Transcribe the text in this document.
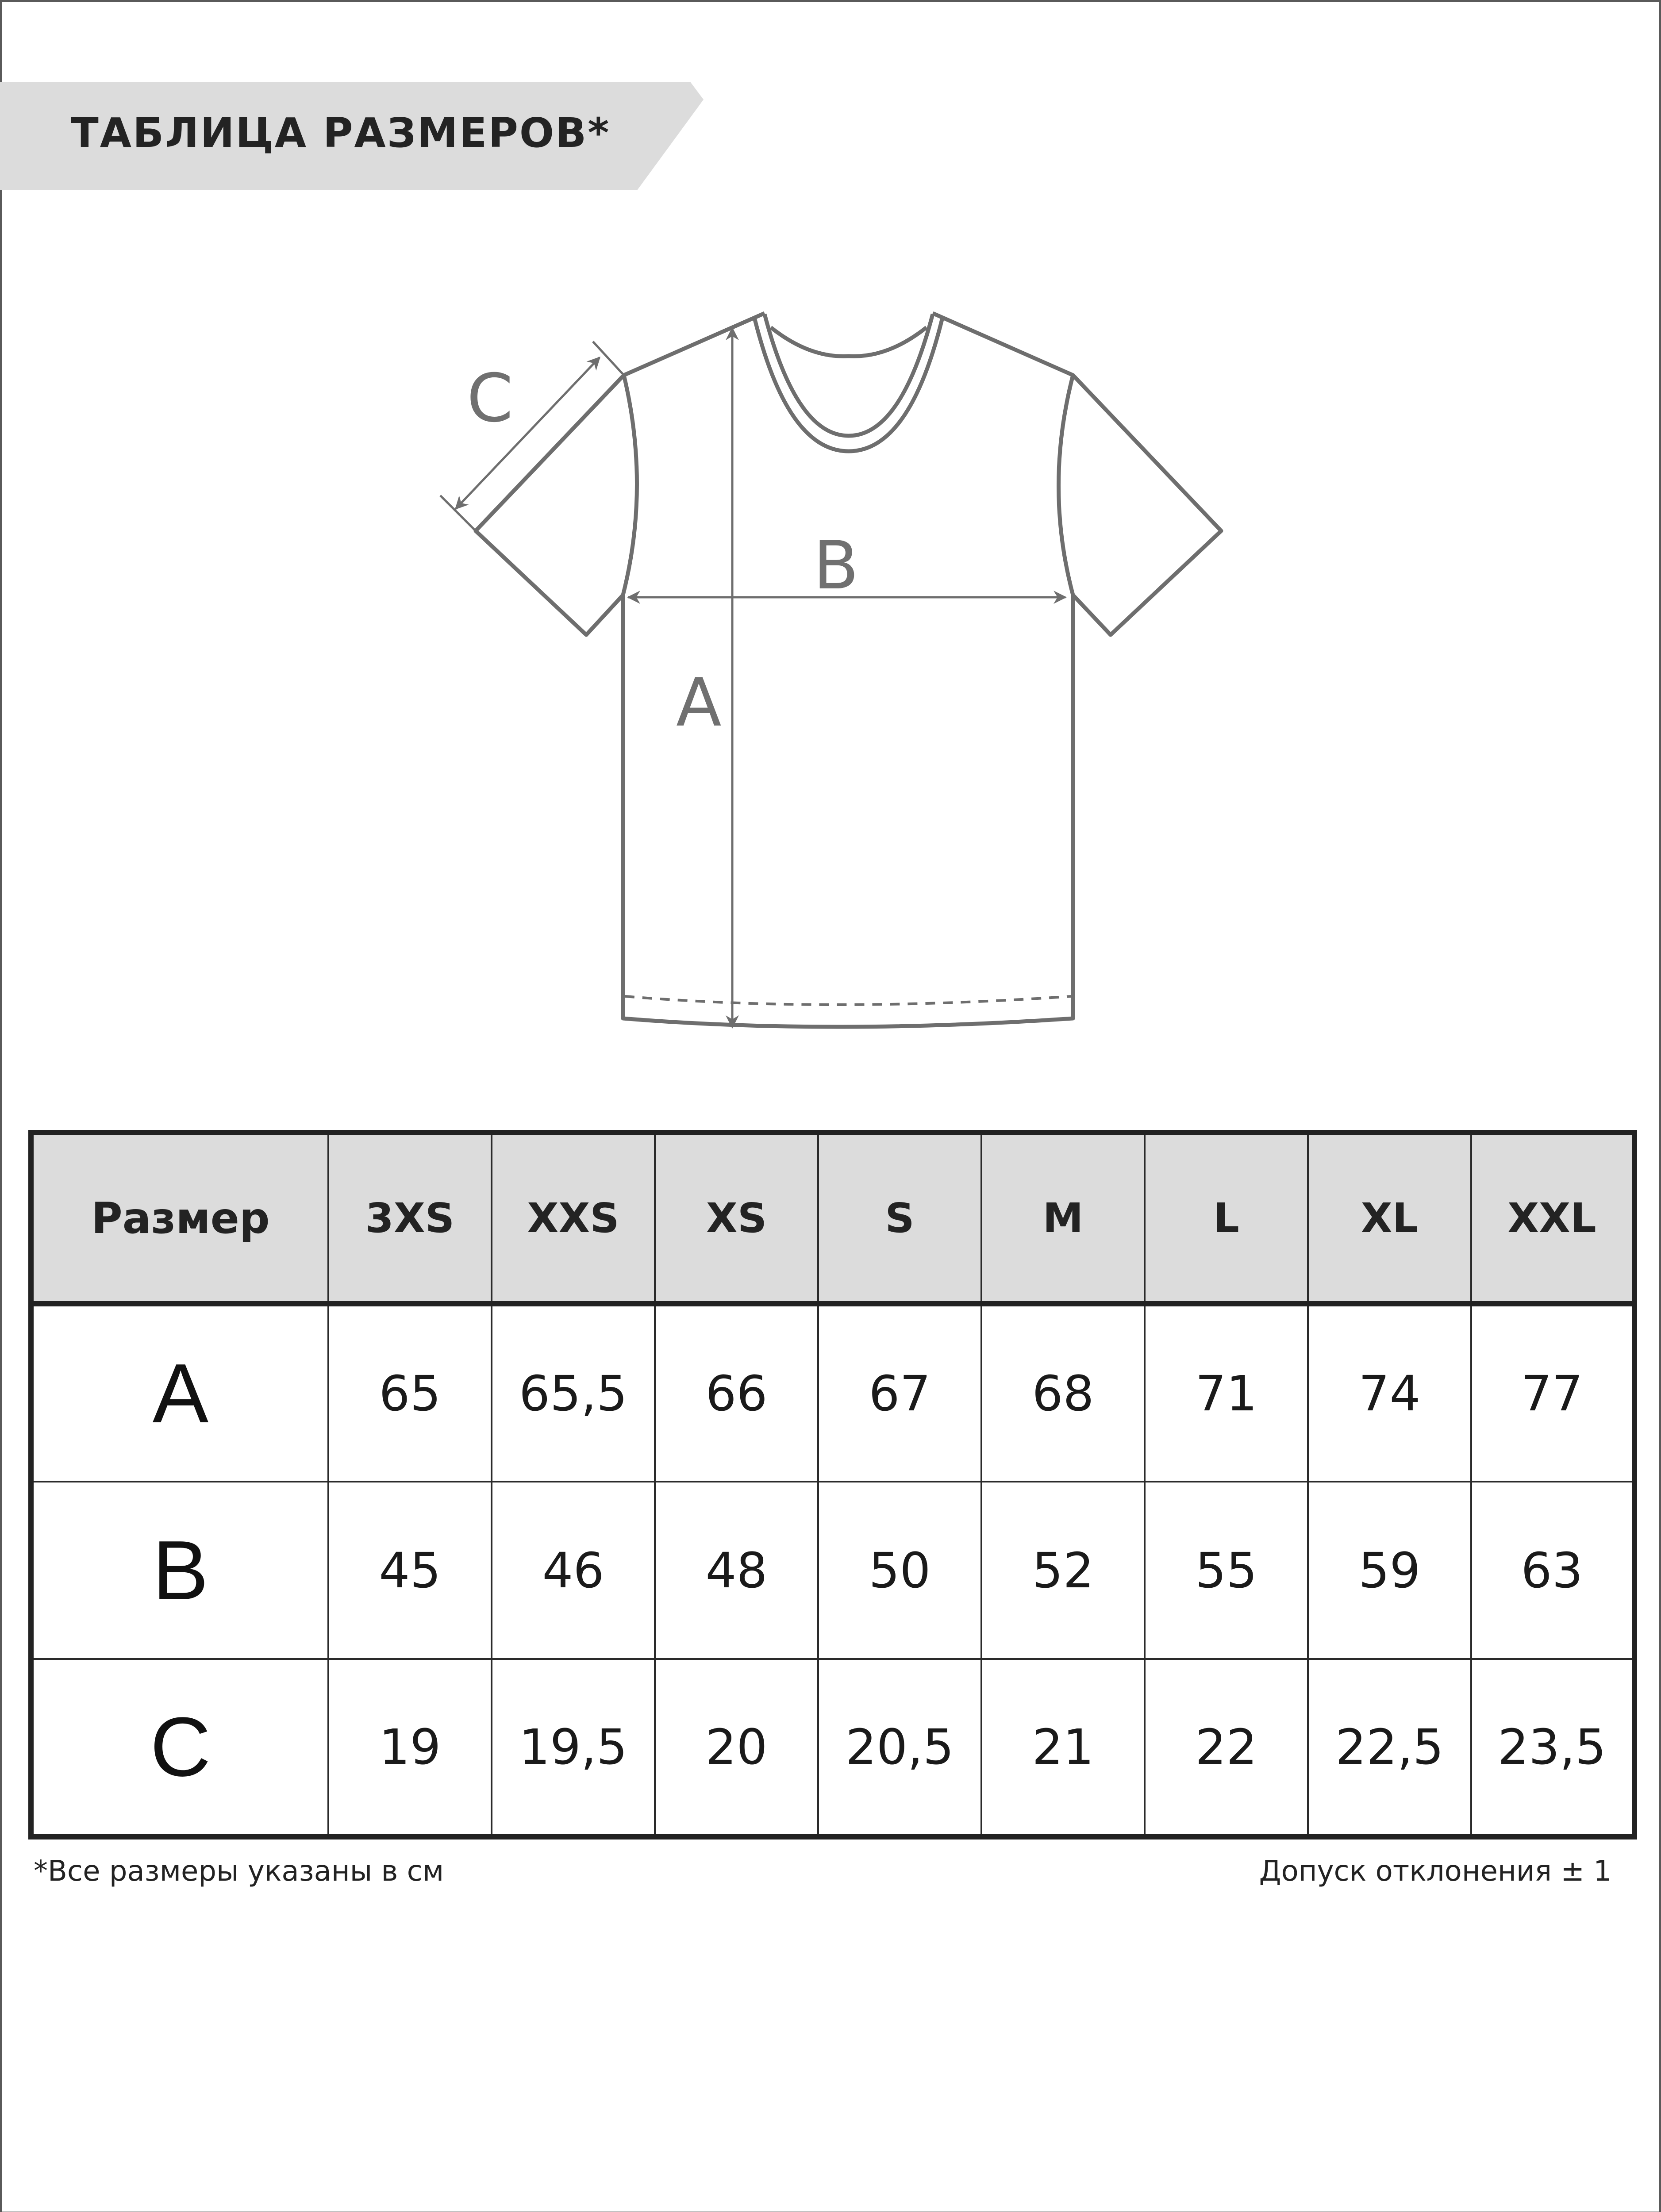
ТАБЛИЦА РАЗМЕРОВ*
A
B
C
Размер	3XS	XXS	XS	S	M	L	XL	XXL
A	65	65,5	66	67	68	71	74	77
B	45	46	48	50	52	55	59	63
C	19	19,5	20	20,5	21	22	22,5	23,5
*Все размеры указаны в см	Допуск отклонения ± 1
